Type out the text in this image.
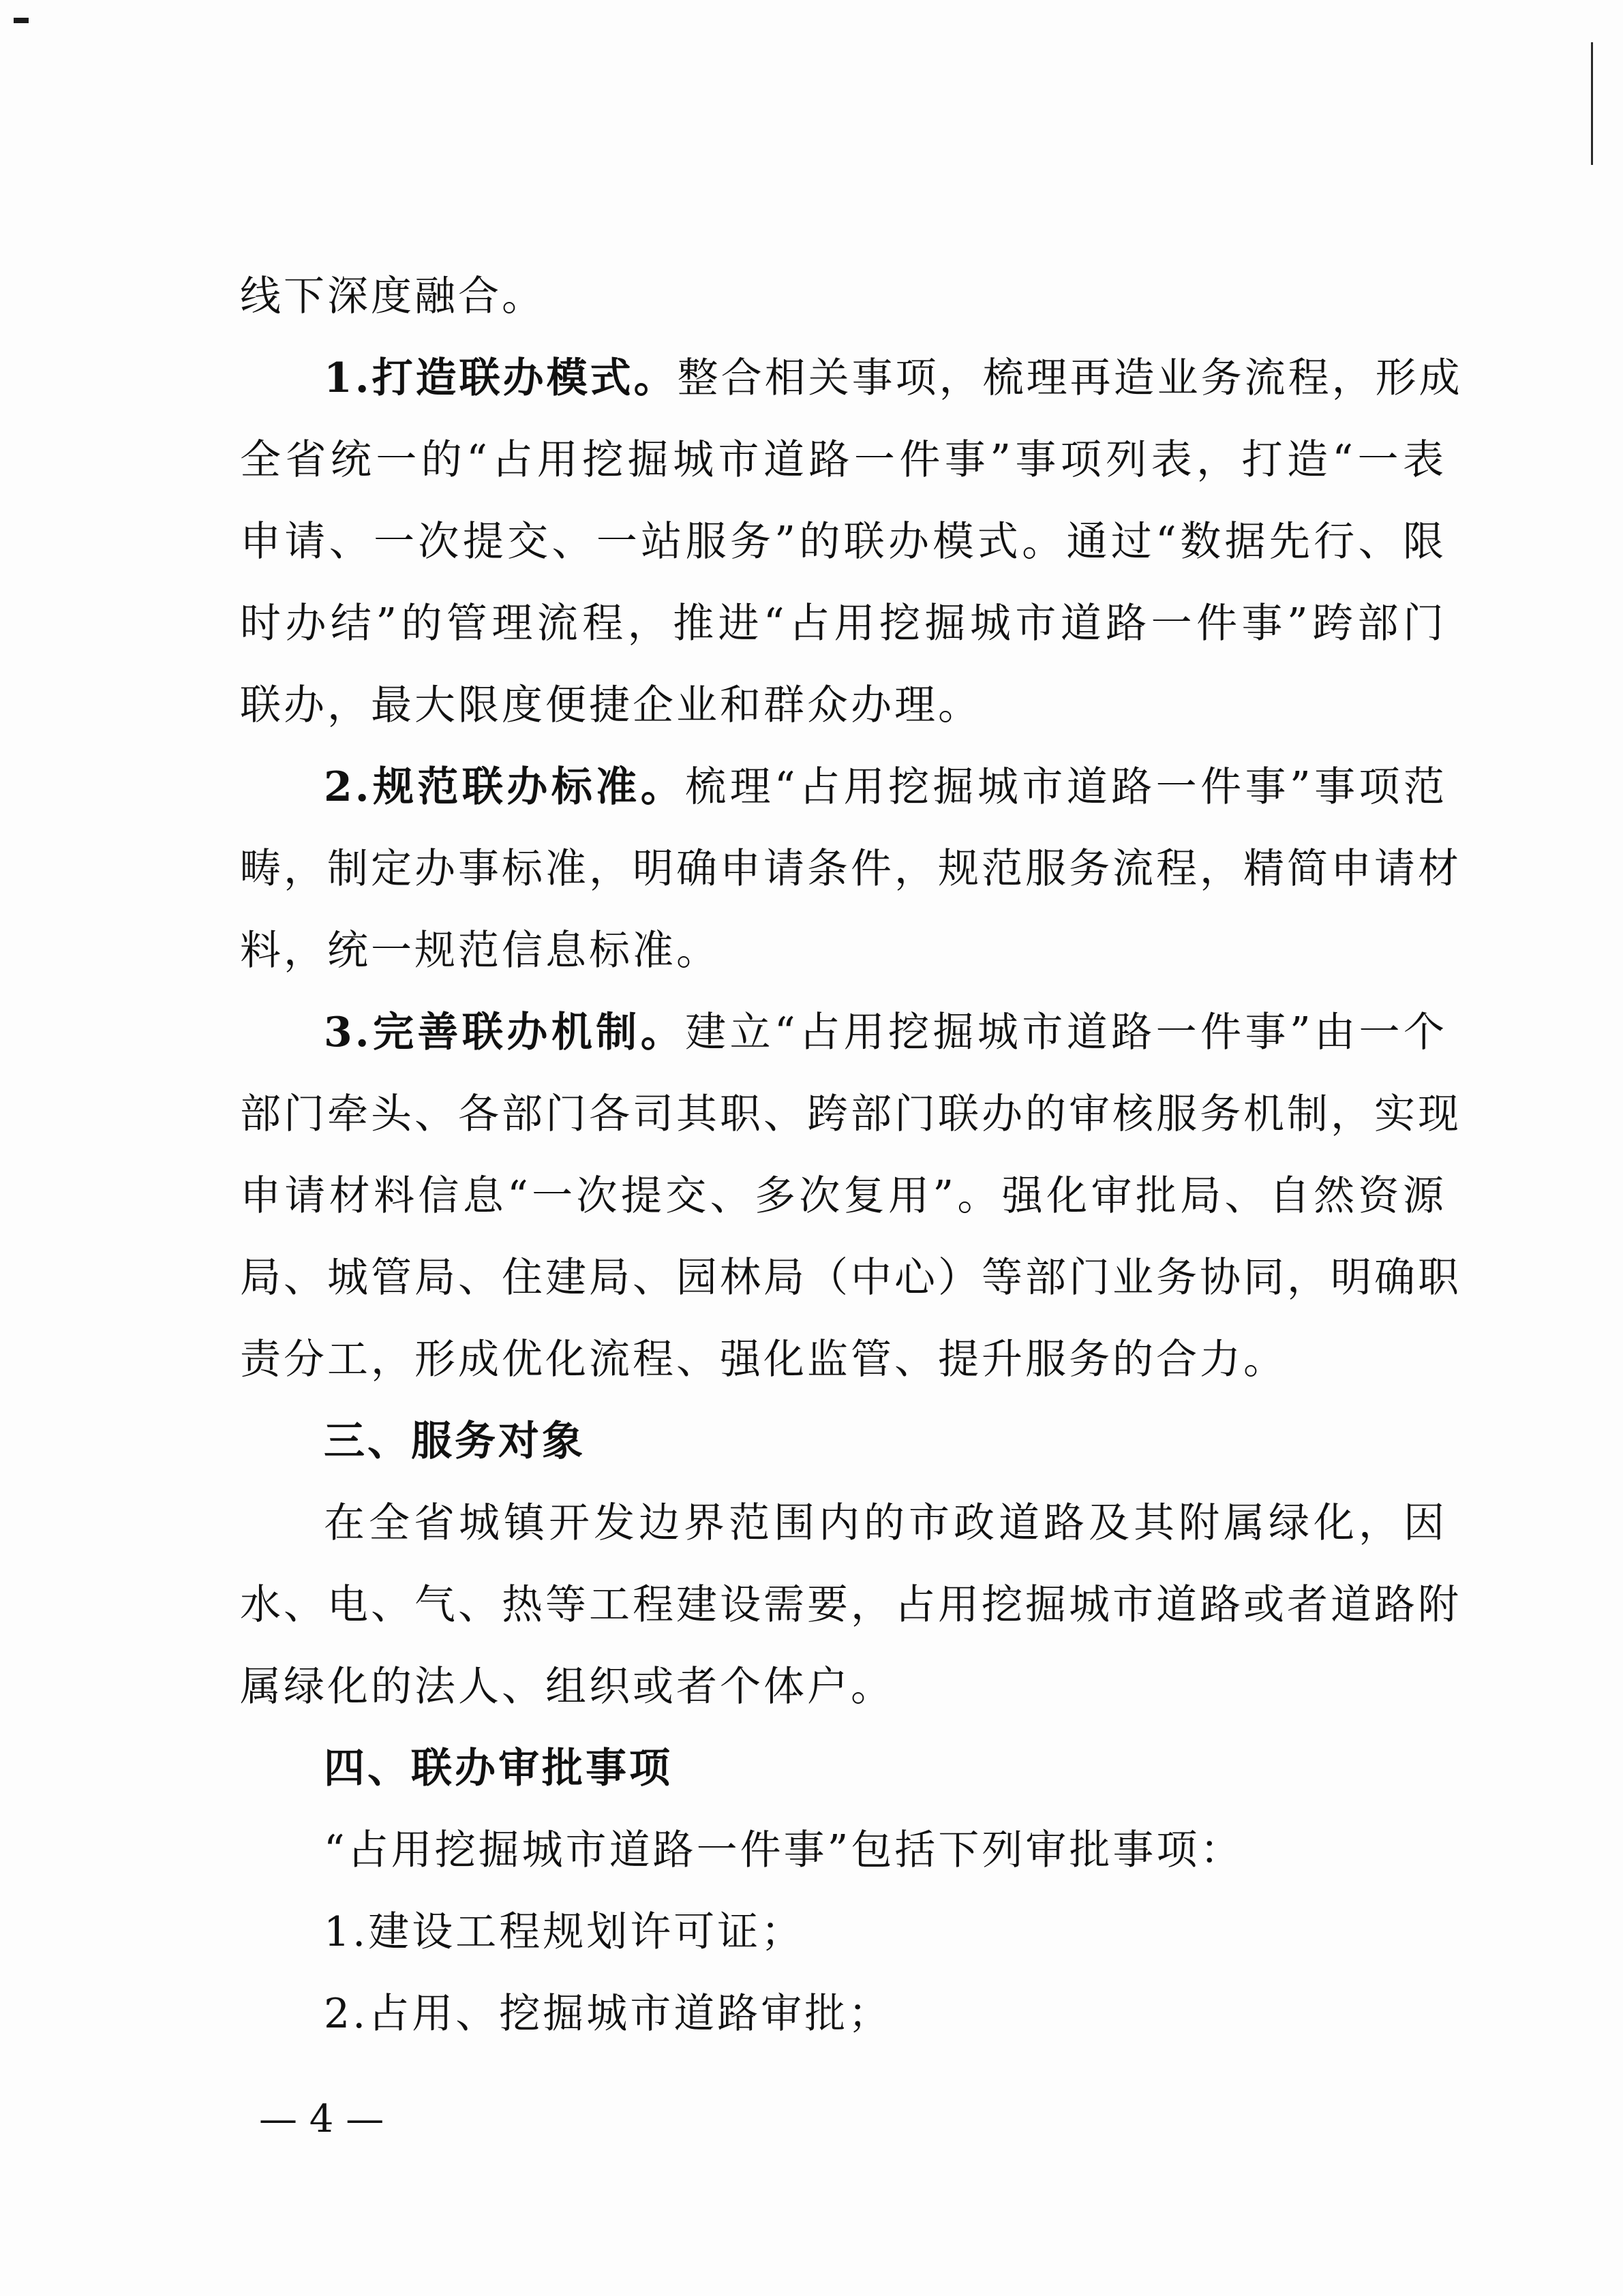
线下深度融合。
1.打造联办模式。整合相关事项，梳理再造业务流程，形成
全省统一的“占用挖掘城市道路一件事”事项列表，打造“一表
申请、一次提交、一站服务”的联办模式。通过“数据先行、限
时办结”的管理流程，推进“占用挖掘城市道路一件事”跨部门
联办，最大限度便捷企业和群众办理。
2.规范联办标准。梳理“占用挖掘城市道路一件事”事项范
畴，制定办事标准，明确申请条件，规范服务流程，精简申请材
料，统一规范信息标准。
3.完善联办机制。建立“占用挖掘城市道路一件事”由一个
部门牵头、各部门各司其职、跨部门联办的审核服务机制，实现
申请材料信息“一次提交、多次复用”。强化审批局、自然资源
局、城管局、住建局、园林局（中心）等部门业务协同，明确职
责分工，形成优化流程、强化监管、提升服务的合力。
三、服务对象
在全省城镇开发边界范围内的市政道路及其附属绿化，因
水、电、气、热等工程建设需要，占用挖掘城市道路或者道路附
属绿化的法人、组织或者个体户。
四、联办审批事项
“占用挖掘城市道路一件事”包括下列审批事项：
1.建设工程规划许可证；
2.占用、挖掘城市道路审批；
— 4 —
